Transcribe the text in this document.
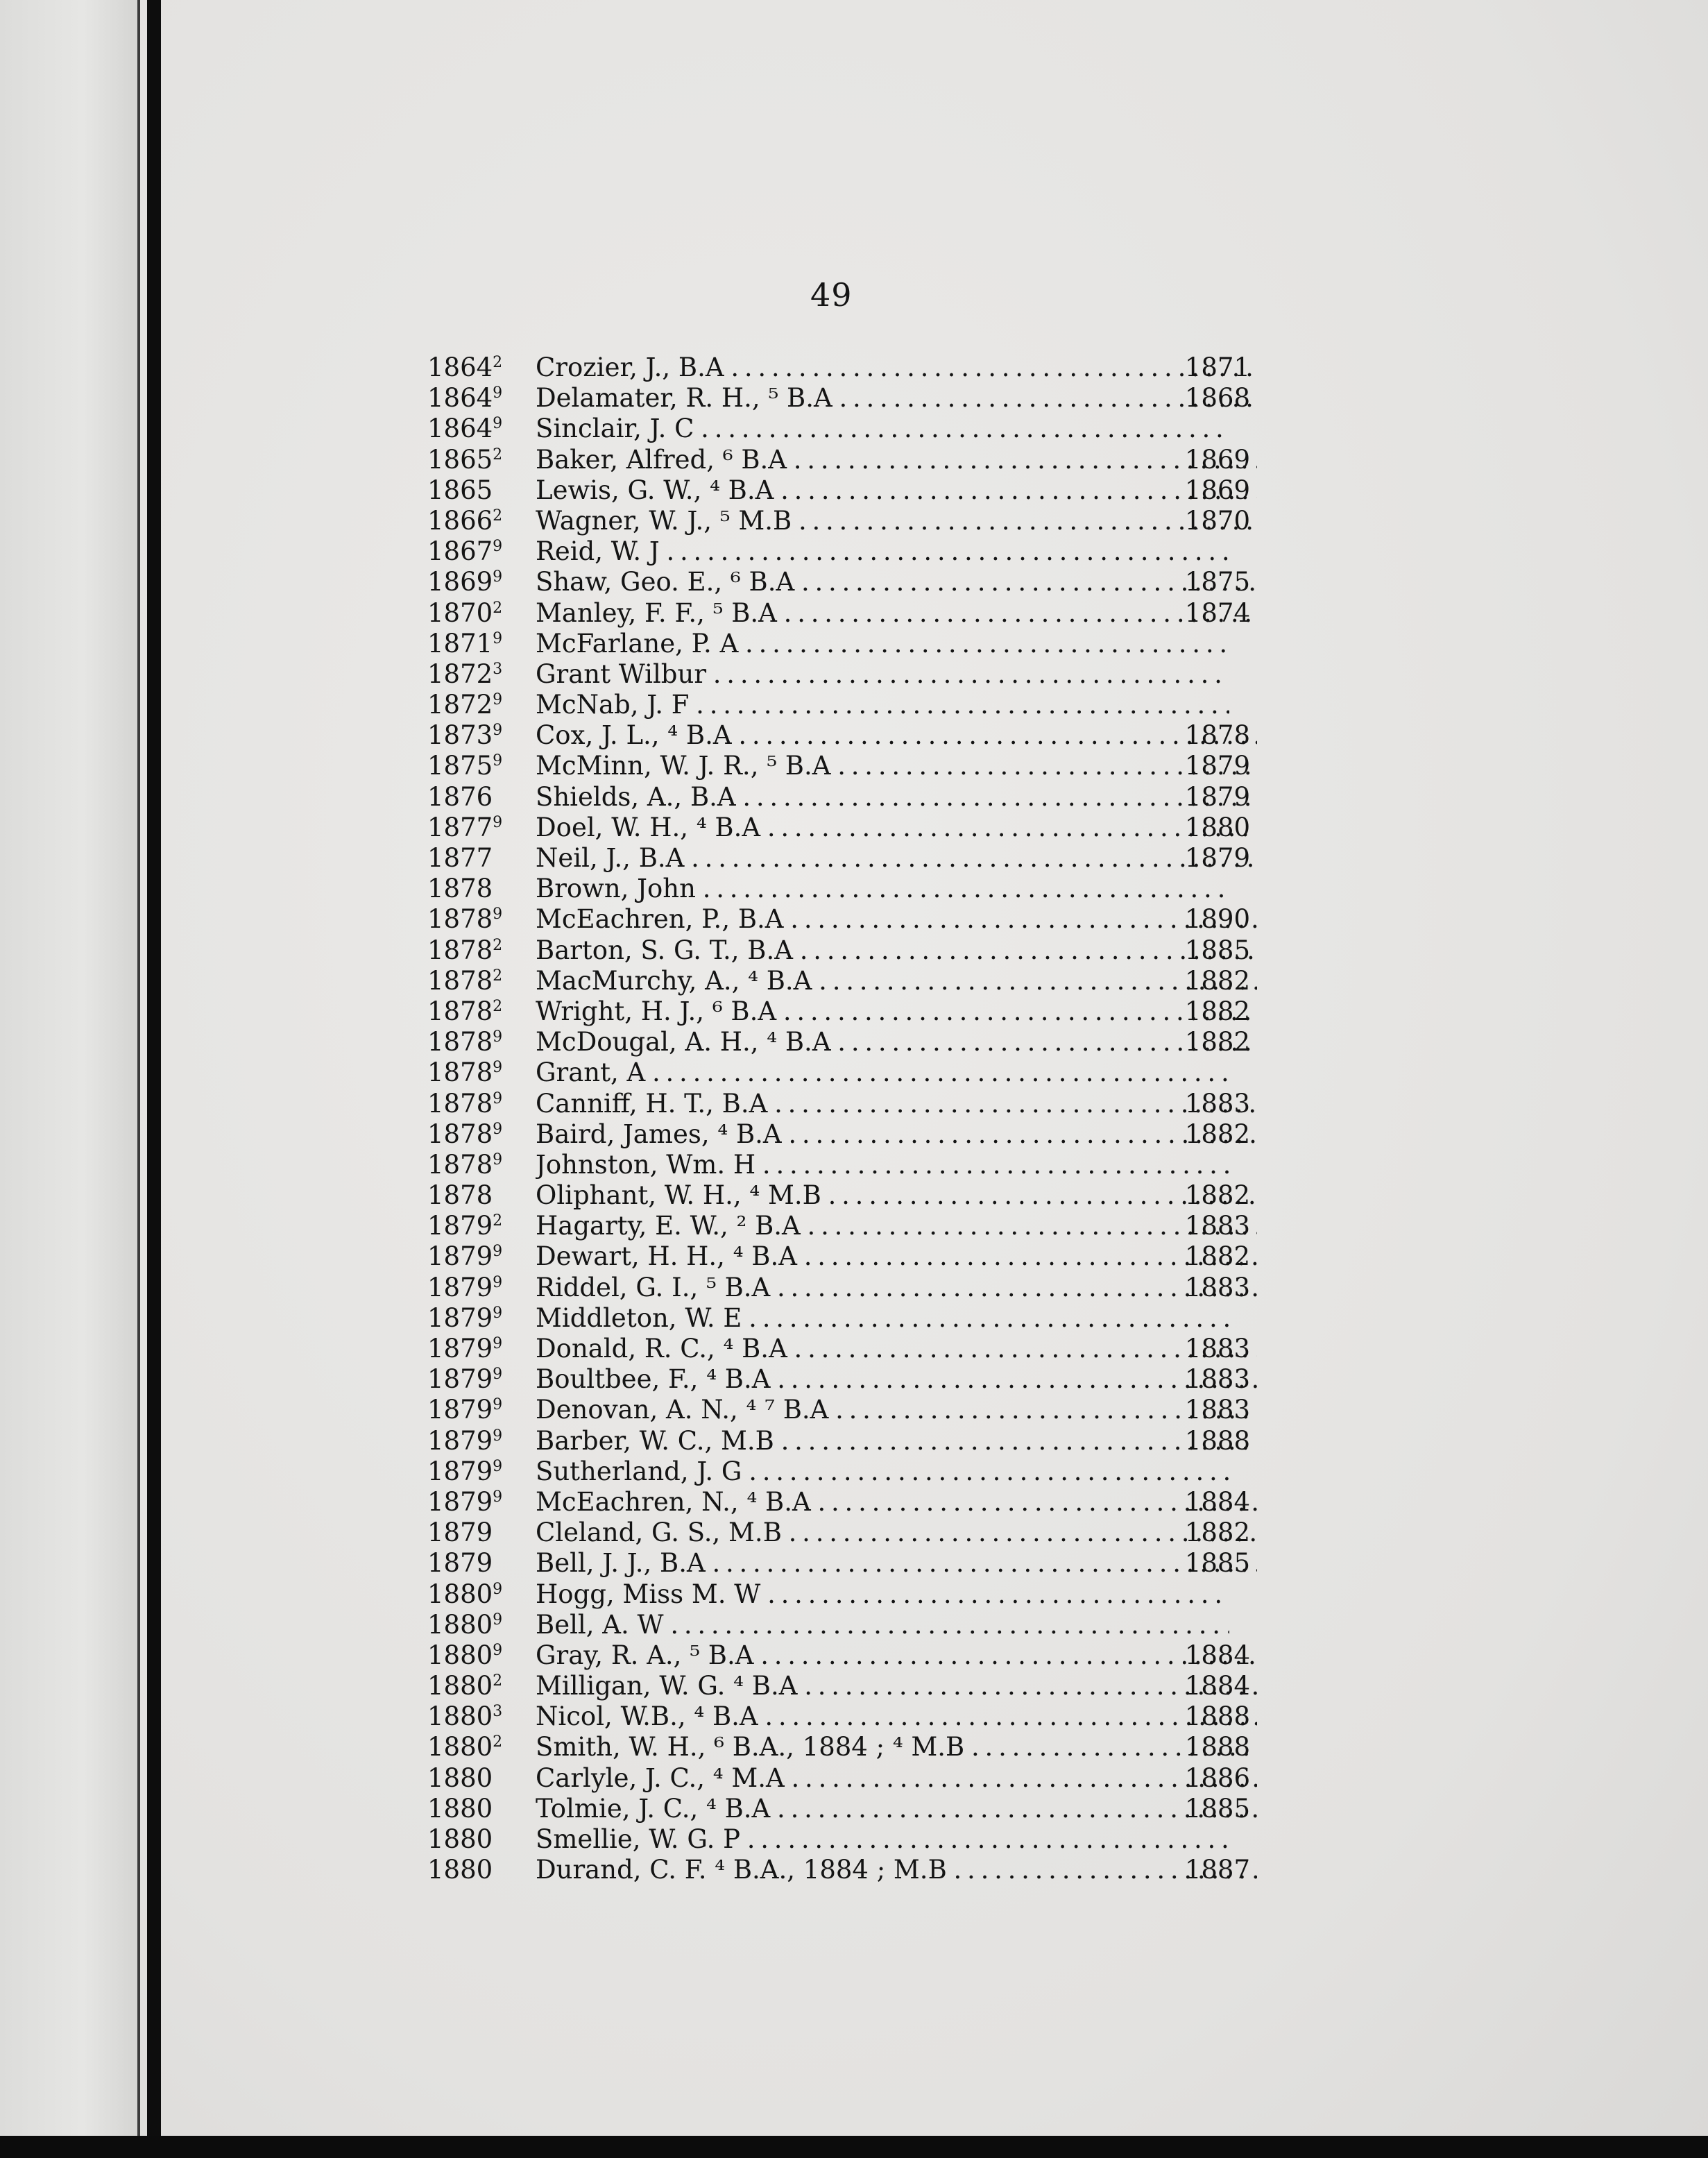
49
1864$^2$	Crozier, J., B.A . . .	1871
1864$^9$	Delamater, R. H., ⁵ B.A . . .	1868
1864$^9$	Sinclair, J. C . . .
1865$^2$	Baker, Alfred, ⁶ B.A . . .	1869
1865	Lewis, G. W., ⁴ B.A . . .	1869
1866$^2$	Wagner, W. J., ⁵ M.B . . .	1870
1867$^9$	Reid, W. J . . .
1869$^9$	Shaw, Geo. E., ⁶ B.A . . .	1875
1870$^2$	Manley, F. F., ⁵ B.A . . .	1874
1871$^9$	McFarlane, P. A . . .
1872$^3$	Grant Wilbur . . .
1872$^9$	McNab, J. F . . .
1873$^9$	Cox, J. L., ⁴ B.A . . .	1878
1875$^9$	McMinn, W. J. R., ⁵ B.A . . .	1879
1876	Shields, A., B.A . . .	1879
1877$^9$	Doel, W. H., ⁴ B.A . . .	1880
1877	Neil, J., B.A . . .	1879
1878	Brown, John . . .
1878$^9$	McEachren, P., B.A . . .	1890
1878$^2$	Barton, S. G. T., B.A . . .	1885
1878$^2$	MacMurchy, A., ⁴ B.A . . .	1882
1878$^2$	Wright, H. J., ⁶ B.A . . .	1882
1878$^9$	McDougal, A. H., ⁴ B.A . . .	1882
1878$^9$	Grant, A . . .
1878$^9$	Canniff, H. T., B.A . . .	1883
1878$^9$	Baird, James, ⁴ B.A . . .	1882
1878$^9$	Johnston, Wm. H . . .
1878	Oliphant, W. H., ⁴ M.B . . .	1882
1879$^2$	Hagarty, E. W., ² B.A . . .	1883
1879$^9$	Dewart, H. H., ⁴ B.A . . .	1882
1879$^9$	Riddel, G. I., ⁵ B.A . . .	1883
1879$^9$	Middleton, W. E . . .
1879$^9$	Donald, R. C., ⁴ B.A . . .	1883
1879$^9$	Boultbee, F., ⁴ B.A . . .	1883
1879$^9$	Denovan, A. N., ⁴ ⁷ B.A . . .	1883
1879$^9$	Barber, W. C., M.B . . .	1888
1879$^9$	Sutherland, J. G . . .
1879$^9$	McEachren, N., ⁴ B.A . . .	1884
1879	Cleland, G. S., M.B . . .	1882
1879	Bell, J. J., B.A . . .	1885
1880$^9$	Hogg, Miss M. W . . .
1880$^9$	Bell, A. W . . .
1880$^9$	Gray, R. A., ⁵ B.A . . .	1884
1880$^2$	Milligan, W. G. ⁴ B.A . . .	1884
1880$^3$	Nicol, W.B., ⁴ B.A . . .	1888
1880$^2$	Smith, W. H., ⁶ B.A., 1884 ; ⁴ M.B . . .	1888
1880	Carlyle, J. C., ⁴ M.A . . .	1886
1880	Tolmie, J. C., ⁴ B.A . . .	1885
1880	Smellie, W. G. P . . .
1880	Durand, C. F. ⁴ B.A., 1884 ; M.B . . .	1887
